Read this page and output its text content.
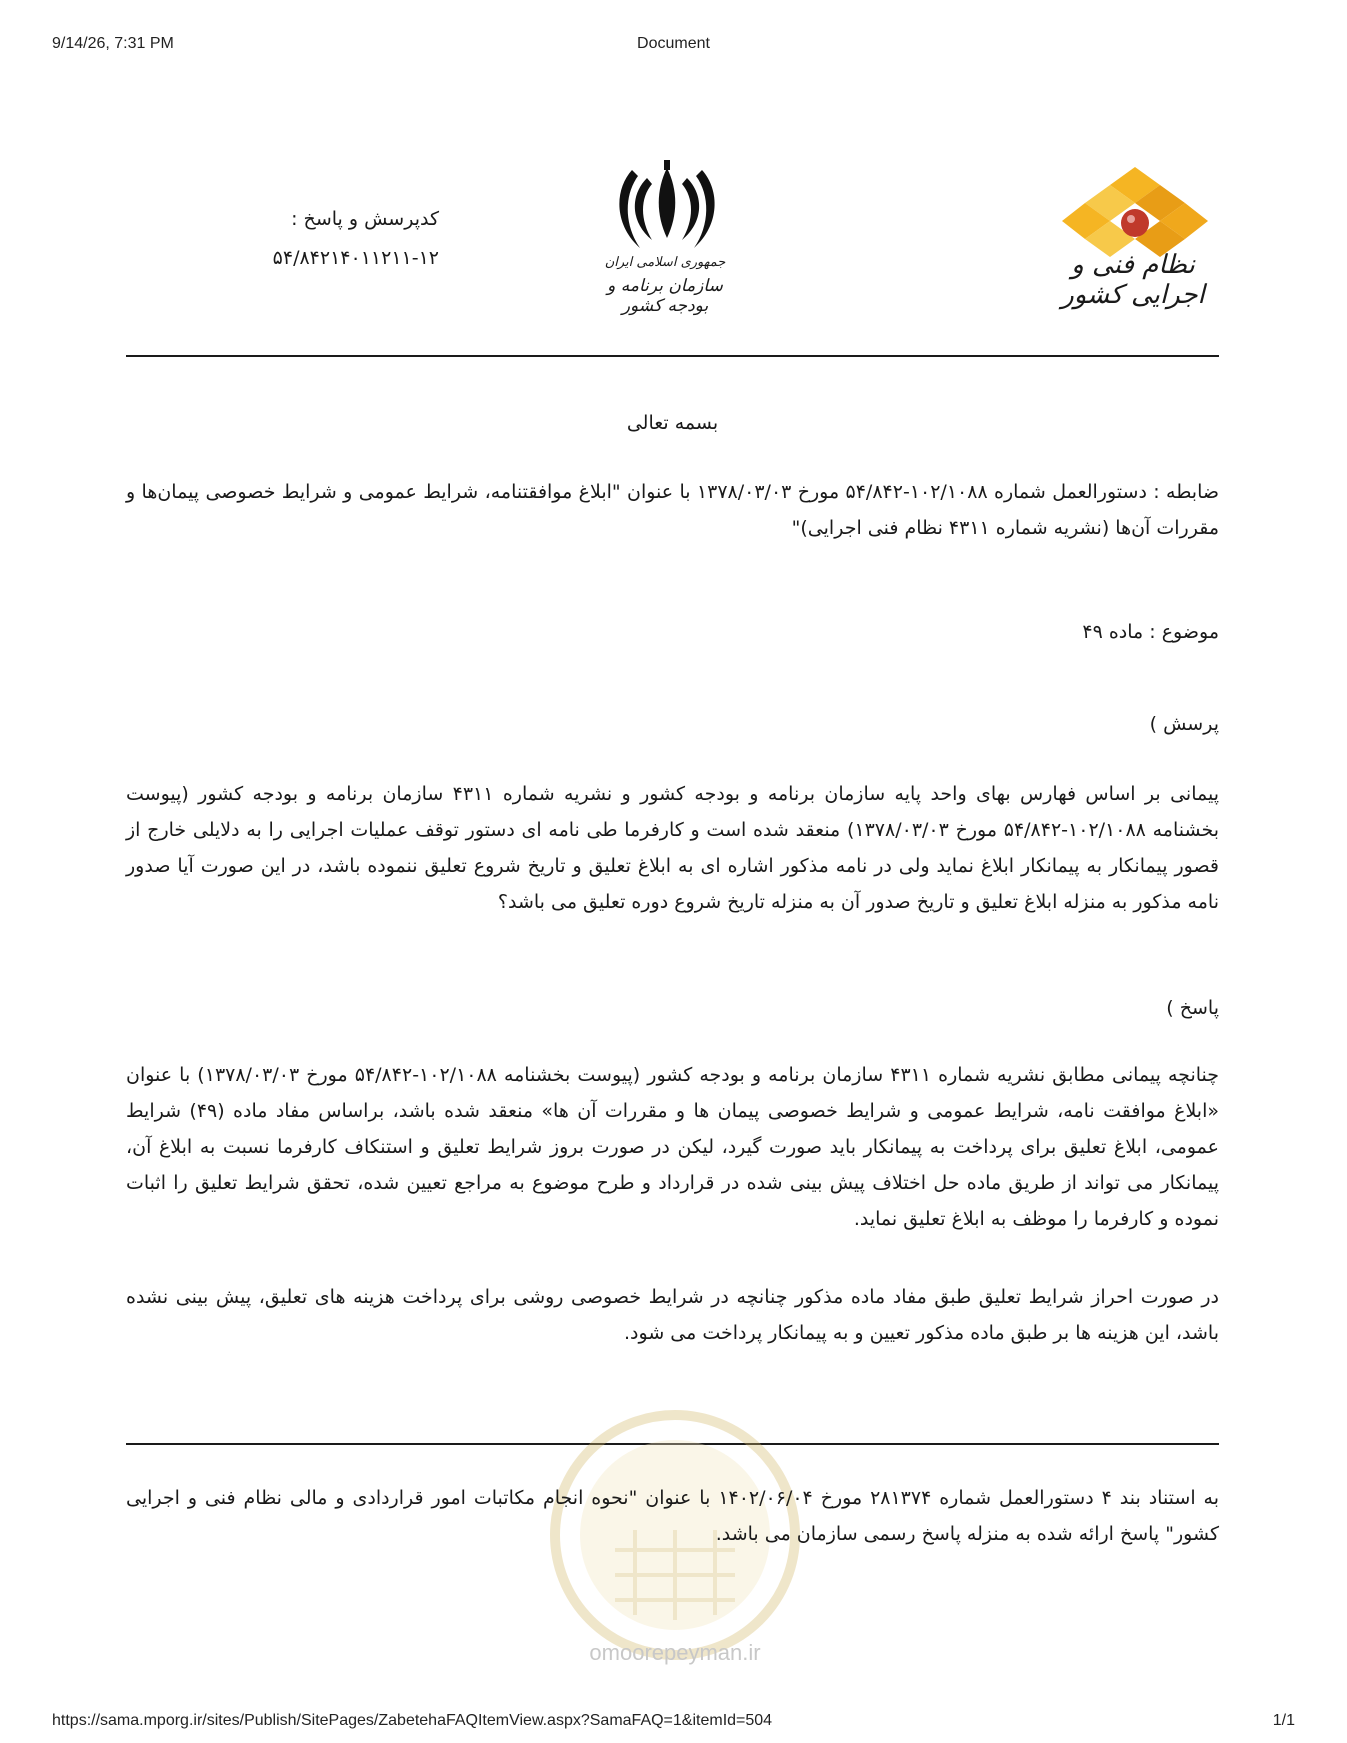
9/14/26, 7:31 PM	Document
نظام فنی و اجرایی کشور
جمهوری اسلامی ایران
سازمان برنامه و بودجه کشور
کدپرسش و پاسخ :
۵۴/۸۴۲۱۴۰۱۱۲۱۱-۱۲

بسمه تعالی

ضابطه : دستورالعمل شماره ۱۰۲/۱۰۸۸-۵۴/۸۴۲ مورخ ۱۳۷۸/۰۳/۰۳ با عنوان "ابلاغ موافقتنامه، شرایط عمومی و شرایط خصوصی پیمان‌ها و مقررات آن‌ها (نشریه شماره ۴۳۱۱ نظام فنی اجرایی)"

موضوع : ماده ۴۹

پرسش )

پیمانی بر اساس فهارس بهای واحد پایه سازمان برنامه و بودجه کشور و نشریه شماره ۴۳۱۱ سازمان برنامه و بودجه کشور (پیوست بخشنامه ۱۰۲/۱۰۸۸-۵۴/۸۴۲ مورخ ۱۳۷۸/۰۳/۰۳) منعقد شده است و کارفرما طی نامه ای دستور توقف عملیات اجرایی را به دلایلی خارج از قصور پیمانکار به پیمانکار ابلاغ نماید ولی در نامه مذکور اشاره ای به ابلاغ تعلیق و تاریخ شروع تعلیق ننموده باشد، در این صورت آیا صدور نامه مذکور به منزله ابلاغ تعلیق و تاریخ صدور آن به منزله تاریخ شروع دوره تعلیق می باشد؟

پاسخ )

چنانچه پیمانی مطابق نشریه شماره ۴۳۱۱ سازمان برنامه و بودجه کشور (پیوست بخشنامه ۱۰۲/۱۰۸۸-۵۴/۸۴۲ مورخ ۱۳۷۸/۰۳/۰۳) با عنوان «ابلاغ موافقت نامه، شرایط عمومی و شرایط خصوصی پیمان ها و مقررات آن ها» منعقد شده باشد، براساس مفاد ماده (۴۹) شرایط عمومی، ابلاغ تعلیق برای پرداخت به پیمانکار باید صورت گیرد، لیکن در صورت بروز شرایط تعلیق و استنکاف کارفرما نسبت به ابلاغ آن، پیمانکار می تواند از طریق ماده حل اختلاف پیش بینی شده در قرارداد و طرح موضوع به مراجع تعیین شده، تحقق شرایط تعلیق را اثبات نموده و کارفرما را موظف به ابلاغ تعلیق نماید.

در صورت احراز شرایط تعلیق طبق مفاد ماده مذکور چنانچه در شرایط خصوصی روشی برای پرداخت هزینه های تعلیق، پیش بینی نشده باشد، این هزینه ها بر طبق ماده مذکور تعیین و به پیمانکار پرداخت می شود.

omoorepeyman.ir

به استناد بند ۴ دستورالعمل شماره ۲۸۱۳۷۴ مورخ ۱۴۰۲/۰۶/۰۴ با عنوان "نحوه انجام مکاتبات امور قراردادی و مالی نظام فنی و اجرایی کشور" پاسخ ارائه شده به منزله پاسخ رسمی سازمان می باشد.

https://sama.mporg.ir/sites/Publish/SitePages/ZabetehaFAQItemView.aspx?SamaFAQ=1&itemId=504	1/1
